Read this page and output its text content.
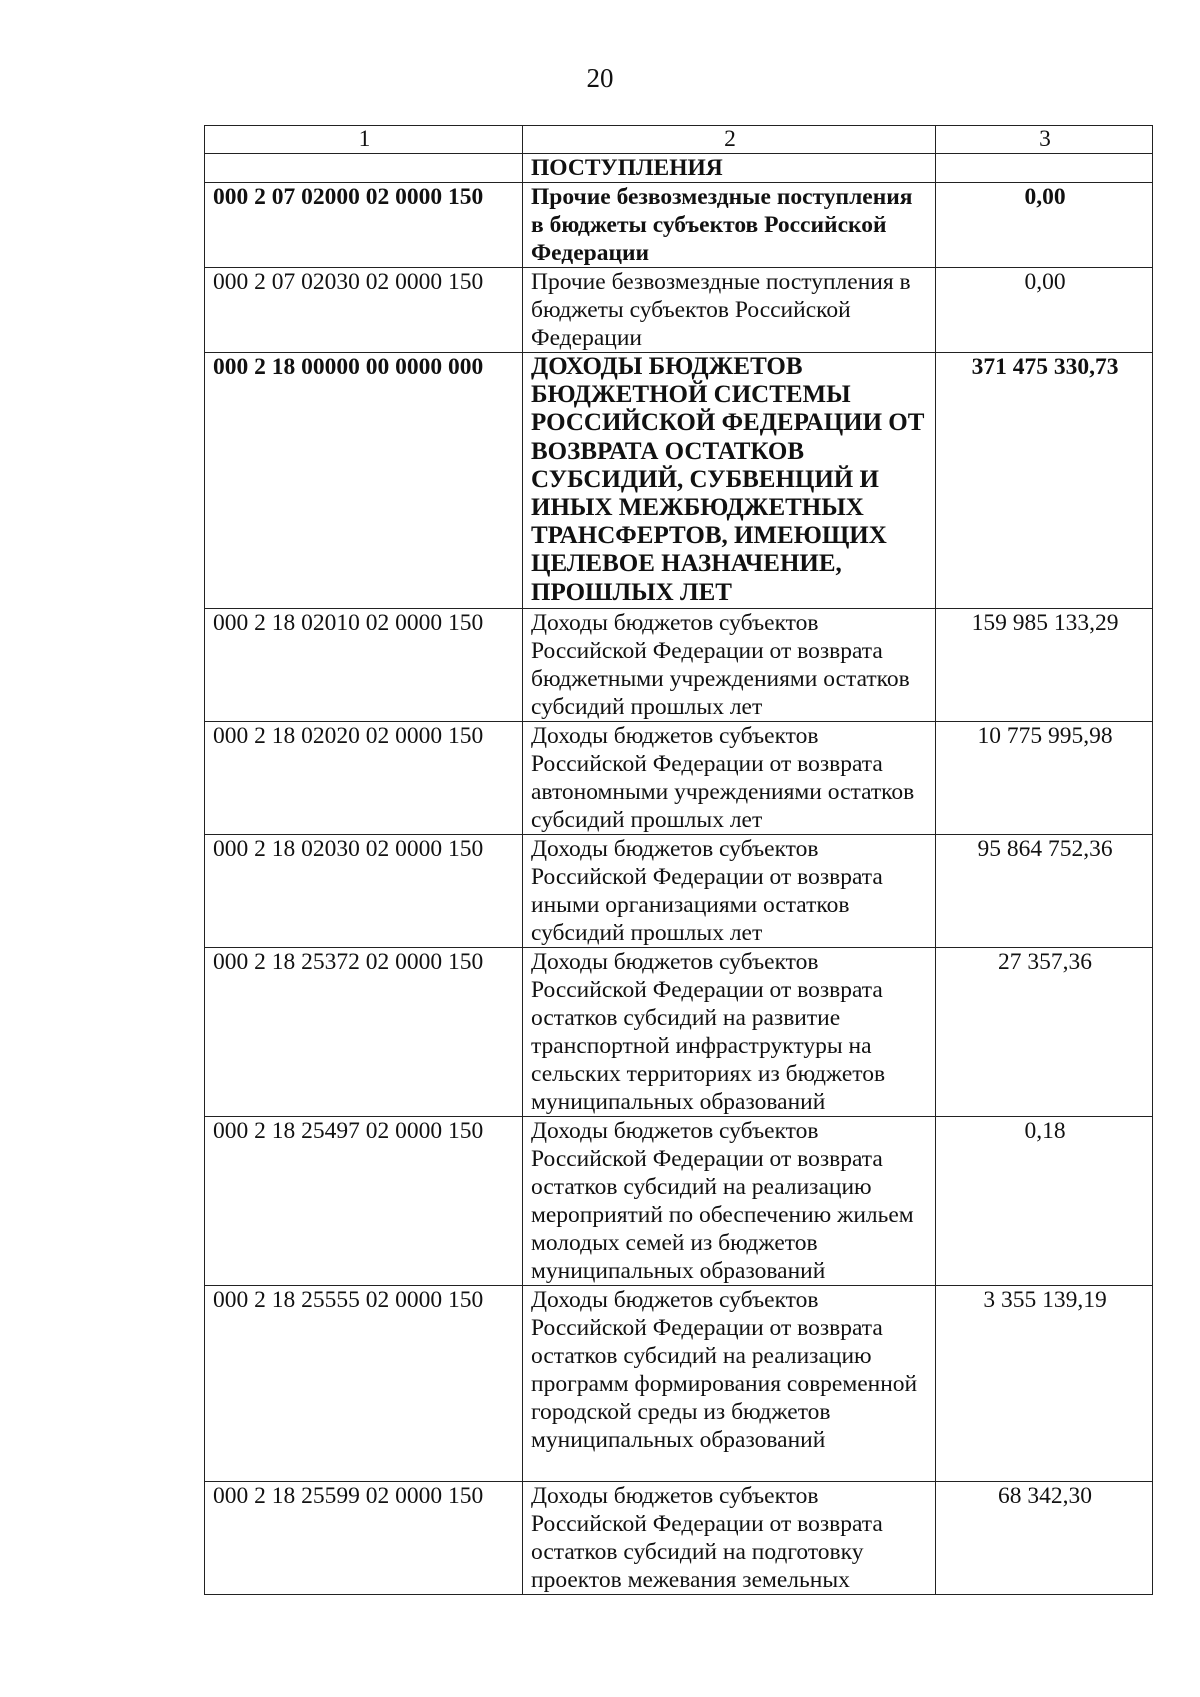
20
1	2	3
	ПОСТУПЛЕНИЯ	
000 2 07 02000 02 0000 150	Прочие безвозмездные поступления в бюджеты субъектов Российской Федерации	0,00
000 2 07 02030 02 0000 150	Прочие безвозмездные поступления в бюджеты субъектов Российской Федерации	0,00
000 2 18 00000 00 0000 000	ДОХОДЫ БЮДЖЕТОВ БЮДЖЕТНОЙ СИСТЕМЫ РОССИЙСКОЙ ФЕДЕРАЦИИ ОТ ВОЗВРАТА ОСТАТКОВ СУБСИДИЙ, СУБВЕНЦИЙ И ИНЫХ МЕЖБЮДЖЕТНЫХ ТРАНСФЕРТОВ, ИМЕЮЩИХ ЦЕЛЕВОЕ НАЗНАЧЕНИЕ, ПРОШЛЫХ ЛЕТ	371 475 330,73
000 2 18 02010 02 0000 150	Доходы бюджетов субъектов Российской Федерации от возврата бюджетными учреждениями остатков субсидий прошлых лет	159 985 133,29
000 2 18 02020 02 0000 150	Доходы бюджетов субъектов Российской Федерации от возврата автономными учреждениями остатков субсидий прошлых лет	10 775 995,98
000 2 18 02030 02 0000 150	Доходы бюджетов субъектов Российской Федерации от возврата иными организациями остатков субсидий прошлых лет	95 864 752,36
000 2 18 25372 02 0000 150	Доходы бюджетов субъектов Российской Федерации от возврата остатков субсидий на развитие транспортной инфраструктуры на сельских территориях из бюджетов муниципальных образований	27 357,36
000 2 18 25497 02 0000 150	Доходы бюджетов субъектов Российской Федерации от возврата остатков субсидий на реализацию мероприятий по обеспечению жильем молодых семей из бюджетов муниципальных образований	0,18
000 2 18 25555 02 0000 150	Доходы бюджетов субъектов Российской Федерации от возврата остатков субсидий на реализацию программ формирования современной городской среды из бюджетов муниципальных образований	3 355 139,19
000 2 18 25599 02 0000 150	Доходы бюджетов субъектов Российской Федерации от возврата остатков субсидий на подготовку проектов межевания земельных	68 342,30
